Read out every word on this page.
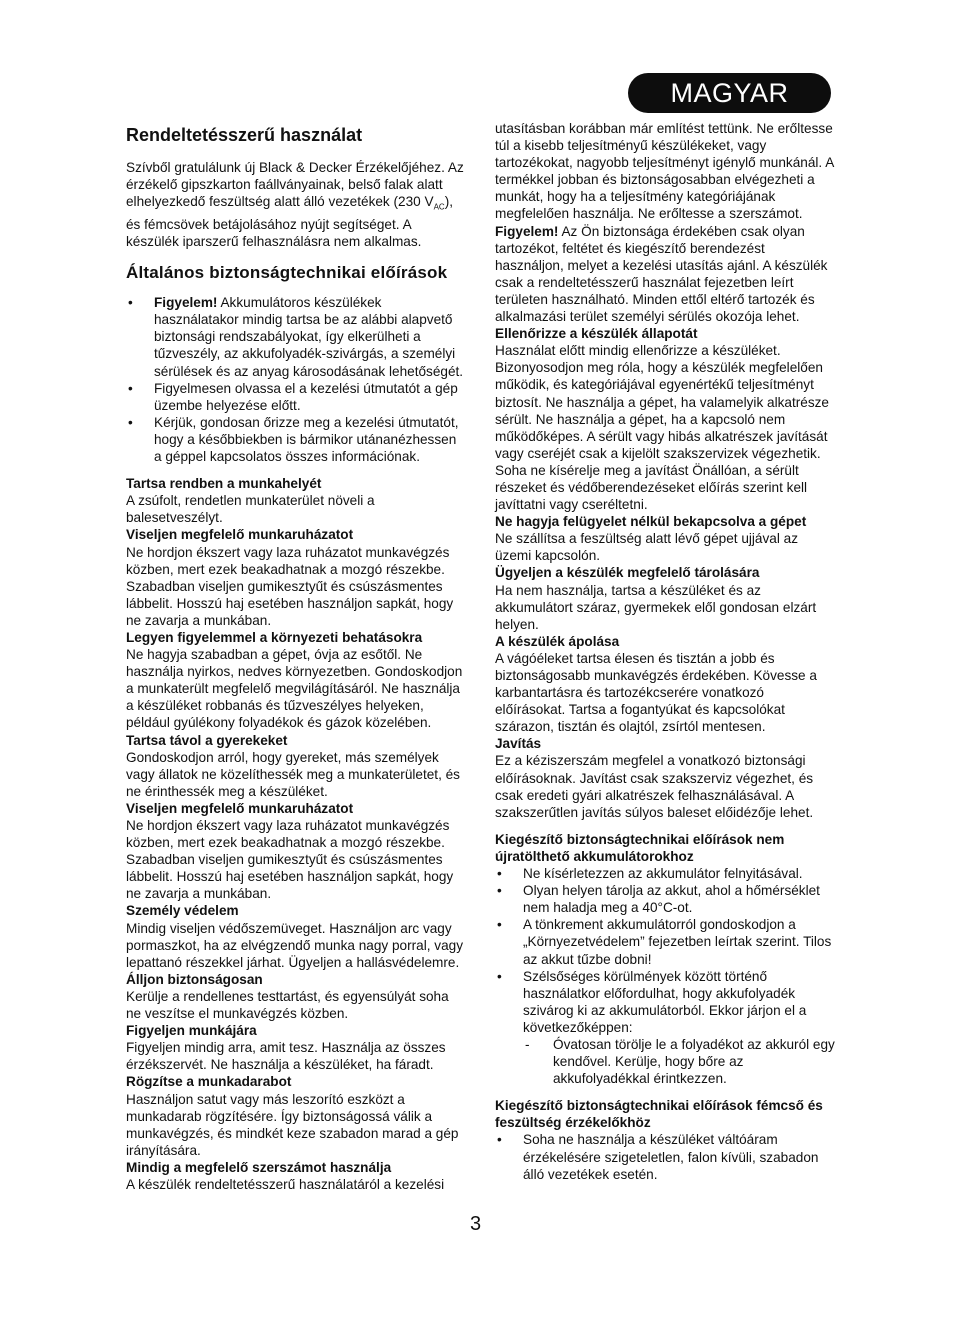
MAGYAR
Rendeltetésszerű használat

Szívből gratulálunk új Black & Decker Érzékelőjéhez. Az érzékelő gipszkarton faállványainak, belső falak alatt elhelyezkedő feszültség alatt álló vezetékek (230 $V_{AC}$), és fémcsövek betájolásához nyújt segítséget. A készülék iparszerű felhasználásra nem alkalmas.

Általános biztonságtechnikai előírások
• Figyelem! Akkumulátoros készülékek használatakor mindig tartsa be az alábbi alapvető biztonsági rendszabályokat, így elkerülheti a tűzveszély, az akkufolyadék-szivárgás, a személyi sérülések és az anyag károsodásának lehetőségét.
• Figyelmesen olvassa el a kezelési útmutatót a gép üzembe helyezése előtt.
• Kérjük, gondosan őrizze meg a kezelési útmutatót, hogy a későbbiekben is bármikor utánanézhessen a géppel kapcsolatos összes információnak.

Tartsa rendben a munkahelyét

A zsúfolt, rendetlen munkaterület növeli a balesetveszélyt.

Viseljen megfelelő munkaruházatot

Ne hordjon ékszert vagy laza ruházatot munkavégzés közben, mert ezek beakadhatnak a mozgó részekbe. Szabadban viseljen gumikesztyűt és csúszásmentes lábbelit. Hosszú haj esetében használjon sapkát, hogy ne zavarja a munkában.

Legyen figyelemmel a környezeti behatásokra

Ne hagyja szabadban a gépet, óvja az esőtől. Ne használja nyirkos, nedves környezetben. Gondoskodjon a munkaterült megfelelő megvilágításáról. Ne használja a készüléket robbanás és tűzveszélyes helyeken, például gyúlékony folyadékok és gázok közelében.

Tartsa távol a gyerekeket

Gondoskodjon arról, hogy gyereket, más személyek vagy állatok ne közelíthessék meg a munkaterületet, és ne érinthessék meg a készüléket.

Viseljen megfelelő munkaruházatot

Ne hordjon ékszert vagy laza ruházatot munkavégzés közben, mert ezek beakadhatnak a mozgó részekbe. Szabadban viseljen gumikesztyűt és csúszásmentes lábbelit. Hosszú haj esetében használjon sapkát, hogy ne zavarja a munkában.

Személy védelem

Mindig viseljen védőszemüveget. Használjon arc vagy pormaszkot, ha az elvégzendő munka nagy porral, vagy lepattanó részekkel járhat. Ügyeljen a hallásvédelemre.

Álljon biztonságosan

Kerülje a rendellenes testtartást, és egyensúlyát soha ne veszítse el munkavégzés közben.

Figyeljen munkájára

Figyeljen mindig arra, amit tesz. Használja az összes érzékszervét. Ne használja a készüléket, ha fáradt.

Rögzítse a munkadarabot

Használjon satut vagy más leszorító eszközt a munkadarab rögzítésére. Így biztonságossá válik a munkavégzés, és mindkét keze szabadon marad a gép irányítására.

Mindig a megfelelő szerszámot használja

A készülék rendeltetésszerű használatáról a kezelési

utasításban korábban már említést tettünk. Ne erőltesse túl a kisebb teljesítményű készülékeket, vagy tartozékokat, nagyobb teljesítményt igénylő munkánál. A termékkel jobban és biztonságosabban elvégezheti a munkát, hogy ha a teljesítmény kategóriájának megfelelően használja. Ne erőltesse a szerszámot.

Figyelem! Az Ön biztonsága érdekében csak olyan tartozékot, feltétet és kiegészítő berendezést használjon, melyet a kezelési utasítás ajánl. A készülék csak a rendeltetésszerű használat fejezetben leírt területen használható. Minden ettől eltérő tartozék és alkalmazási terület személyi sérülés okozója lehet.

Ellenőrizze a készülék állapotát

Használat előtt mindig ellenőrizze a készüléket. Bizonyosodjon meg róla, hogy a készülék megfelelően működik, és kategóriájával egyenértékű teljesítményt biztosít. Ne használja a gépet, ha valamelyik alkatrésze sérült. Ne használja a gépet, ha a kapcsoló nem működőképes. A sérült vagy hibás alkatrészek javítását vagy cseréjét csak a kijelölt szakszervizek végezhetik. Soha ne kísérelje meg a javítást Önállóan, a sérült részeket és védőberendezéseket előírás szerint kell javíttatni vagy cseréltetni.

Ne hagyja felügyelet nélkül bekapcsolva a gépet

Ne szállítsa a feszültség alatt lévő gépet ujjával az üzemi kapcsolón.

Ügyeljen a készülék megfelelő tárolására

Ha nem használja, tartsa a készüléket és az akkumulátort száraz, gyermekek elől gondosan elzárt helyen.

A készülék ápolása

A vágóéleket tartsa élesen és tisztán a jobb és biztonságosabb munkavégzés érdekében. Kövesse a karbantartásra és tartozékcserére vonatkozó előírásokat. Tartsa a fogantyúkat és kapcsolókat szárazon, tisztán és olajtól, zsírtól mentesen.

Javítás

Ez a kéziszerszám megfelel a vonatkozó biztonsági előírásoknak. Javítást csak szakszerviz végezhet, és csak eredeti gyári alkatrészek felhasználásával. A szakszerűtlen javítás súlyos baleset előidézője lehet.

Kiegészítő biztonságtechnikai előírások nem újratölthető akkumulátorokhoz

• Ne kísérletezzen az akkumulátor felnyitásával.
• Olyan helyen tárolja az akkut, ahol a hőmérséklet nem haladja meg a 40°C-ot.
• A tönkrement akkumulátorról gondoskodjon a „Környezetvédelem” fejezetben leírtak szerint. Tilos az akkut tűzbe dobni!
• Szélsőséges körülmények között történő használatkor előfordulhat, hogy akkufolyadék szivárog ki az akkumulátorból. Ekkor járjon el a következőképpen:
- Óvatosan törölje le a folyadékot az akkuról egy kendővel. Kerülje, hogy bőre az akkufolyadékkal érintkezzen.

Kiegészítő biztonságtechnikai előírások fémcső és feszültség érzékelőkhöz

• Soha ne használja a készüléket váltóáram érzékelésére szigeteletlen, falon kívüli, szabadon álló vezetékek esetén.
3
